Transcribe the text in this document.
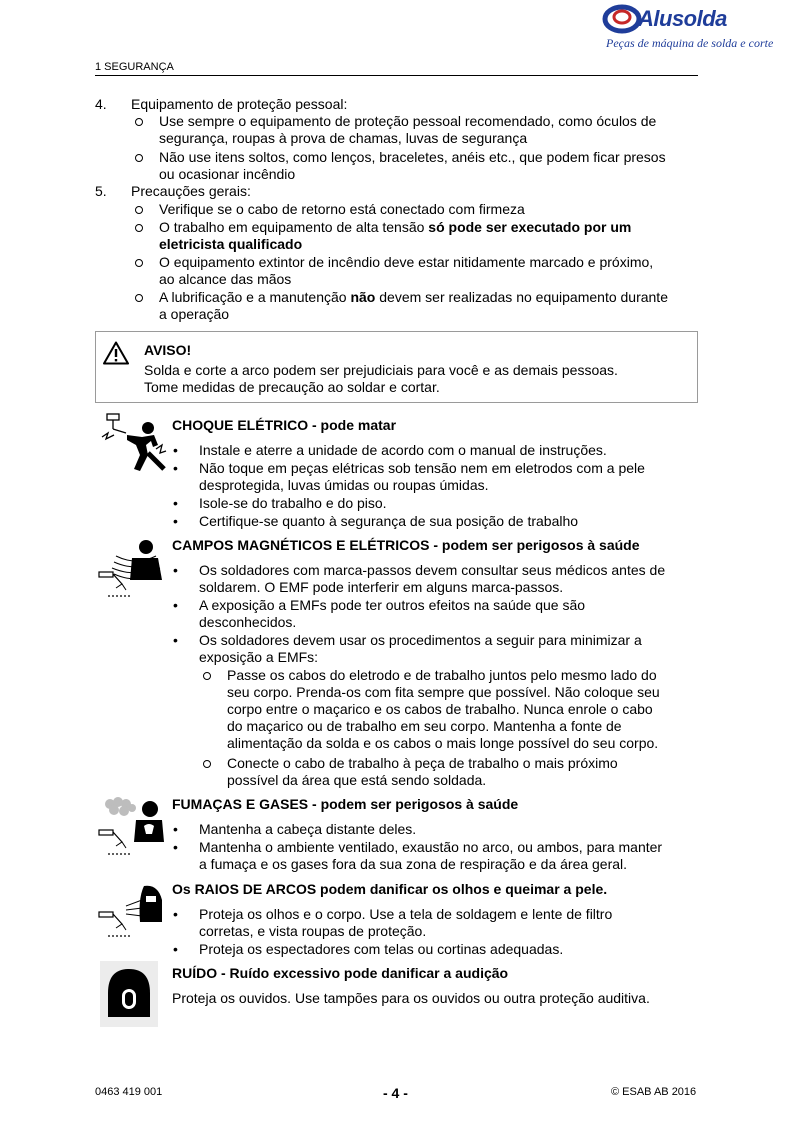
Alusolda
Peças de máquina de solda e corte
1 SEGURANÇA
4. Equipamento de proteção pessoal:
Use sempre o equipamento de proteção pessoal recomendado, como óculos de
segurança, roupas à prova de chamas, luvas de segurança
Não use itens soltos, como lenços, braceletes, anéis etc., que podem ficar presos
ou ocasionar incêndio
5. Precauções gerais:
Verifique se o cabo de retorno está conectado com firmeza
O trabalho em equipamento de alta tensão só pode ser executado por um
eletricista qualificado
O equipamento extintor de incêndio deve estar nitidamente marcado e próximo,
ao alcance das mãos
A lubrificação e a manutenção não devem ser realizadas no equipamento durante
a operação
AVISO!
Solda e corte a arco podem ser prejudiciais para você e as demais pessoas.
Tome medidas de precaução ao soldar e cortar.
CHOQUE ELÉTRICO - pode matar
• Instale e aterre a unidade de acordo com o manual de instruções.
• Não toque em peças elétricas sob tensão nem em eletrodos com a pele
desprotegida, luvas úmidas ou roupas úmidas.
• Isole-se do trabalho e do piso.
• Certifique-se quanto à segurança de sua posição de trabalho
CAMPOS MAGNÉTICOS E ELÉTRICOS - podem ser perigosos à saúde
• Os soldadores com marca-passos devem consultar seus médicos antes de
soldarem. O EMF pode interferir em alguns marca-passos.
• A exposição a EMFs pode ter outros efeitos na saúde que são
desconhecidos.
• Os soldadores devem usar os procedimentos a seguir para minimizar a
exposição a EMFs:
Passe os cabos do eletrodo e de trabalho juntos pelo mesmo lado do
seu corpo. Prenda-os com fita sempre que possível. Não coloque seu
corpo entre o maçarico e os cabos de trabalho. Nunca enrole o cabo
do maçarico ou de trabalho em seu corpo. Mantenha a fonte de
alimentação da solda e os cabos o mais longe possível do seu corpo.
Conecte o cabo de trabalho à peça de trabalho o mais próximo
possível da área que está sendo soldada.
FUMAÇAS E GASES - podem ser perigosos à saúde
• Mantenha a cabeça distante deles.
• Mantenha o ambiente ventilado, exaustão no arco, ou ambos, para manter
a fumaça e os gases fora da sua zona de respiração e da área geral.
Os RAIOS DE ARCOS podem danificar os olhos e queimar a pele.
• Proteja os olhos e o corpo. Use a tela de soldagem e lente de filtro
corretas, e vista roupas de proteção.
• Proteja os espectadores com telas ou cortinas adequadas.
RUÍDO - Ruído excessivo pode danificar a audição
Proteja os ouvidos. Use tampões para os ouvidos ou outra proteção auditiva.
0463 419 001	- 4 -	© ESAB AB 2016
